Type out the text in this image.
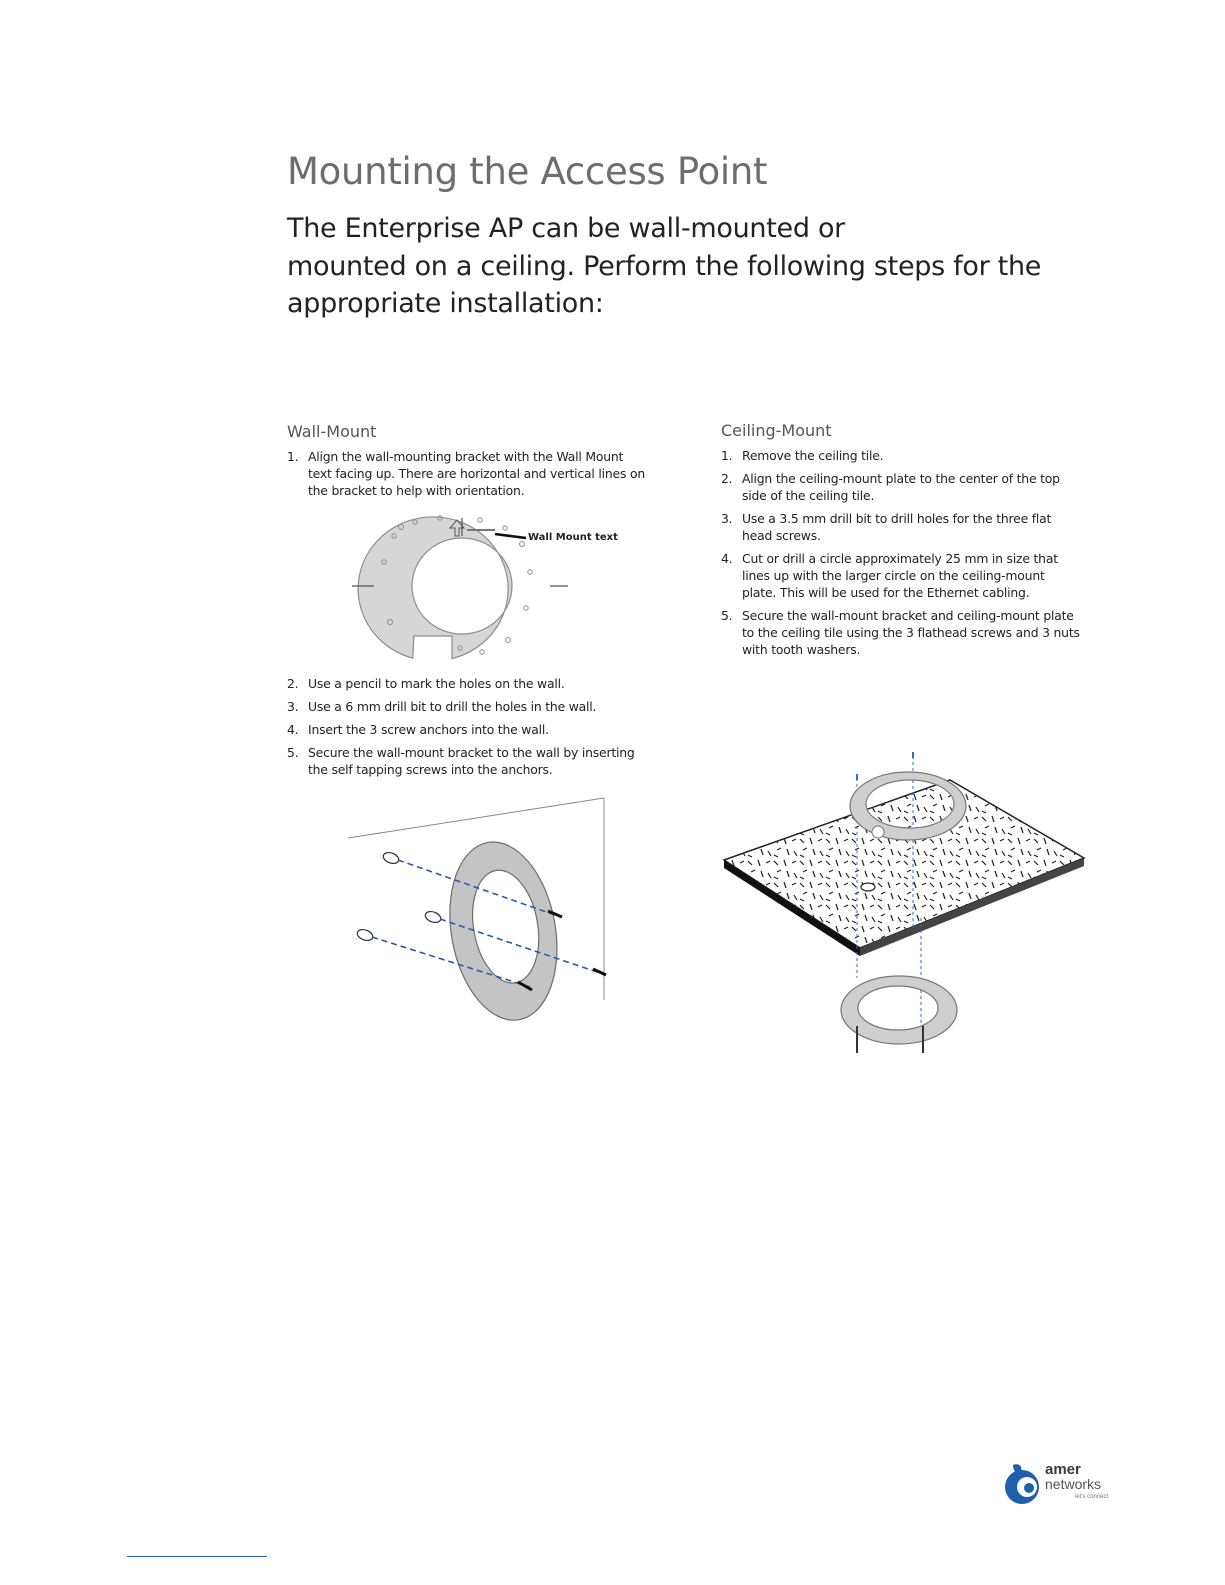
Mounting the Access Point

The Enterprise AP can be wall-mounted or
mounted on a ceiling. Perform the following steps for the
appropriate installation:

Wall-Mount
1. Align the wall-mounting bracket with the Wall Mount
text facing up. There are horizontal and vertical lines on
the bracket to help with orientation.
Wall Mount text
2. Use a pencil to mark the holes on the wall.
3. Use a 6 mm drill bit to drill the holes in the wall.
4. Insert the 3 screw anchors into the wall.
5. Secure the wall-mount bracket to the wall by inserting
the self tapping screws into the anchors.
Ceiling-Mount
1. Remove the ceiling tile.
2. Align the ceiling-mount plate to the center of the top
side of the ceiling tile.
3. Use a 3.5 mm drill bit to drill holes for the three flat
head screws.
4. Cut or drill a circle approximately 25 mm in size that
lines up with the larger circle on the ceiling-mount
plate. This will be used for the Ethernet cabling.
5. Secure the wall-mount bracket and ceiling-mount plate
to the ceiling tile using the 3 flathead screws and 3 nuts
with tooth washers.
amer
networks
let's connect
